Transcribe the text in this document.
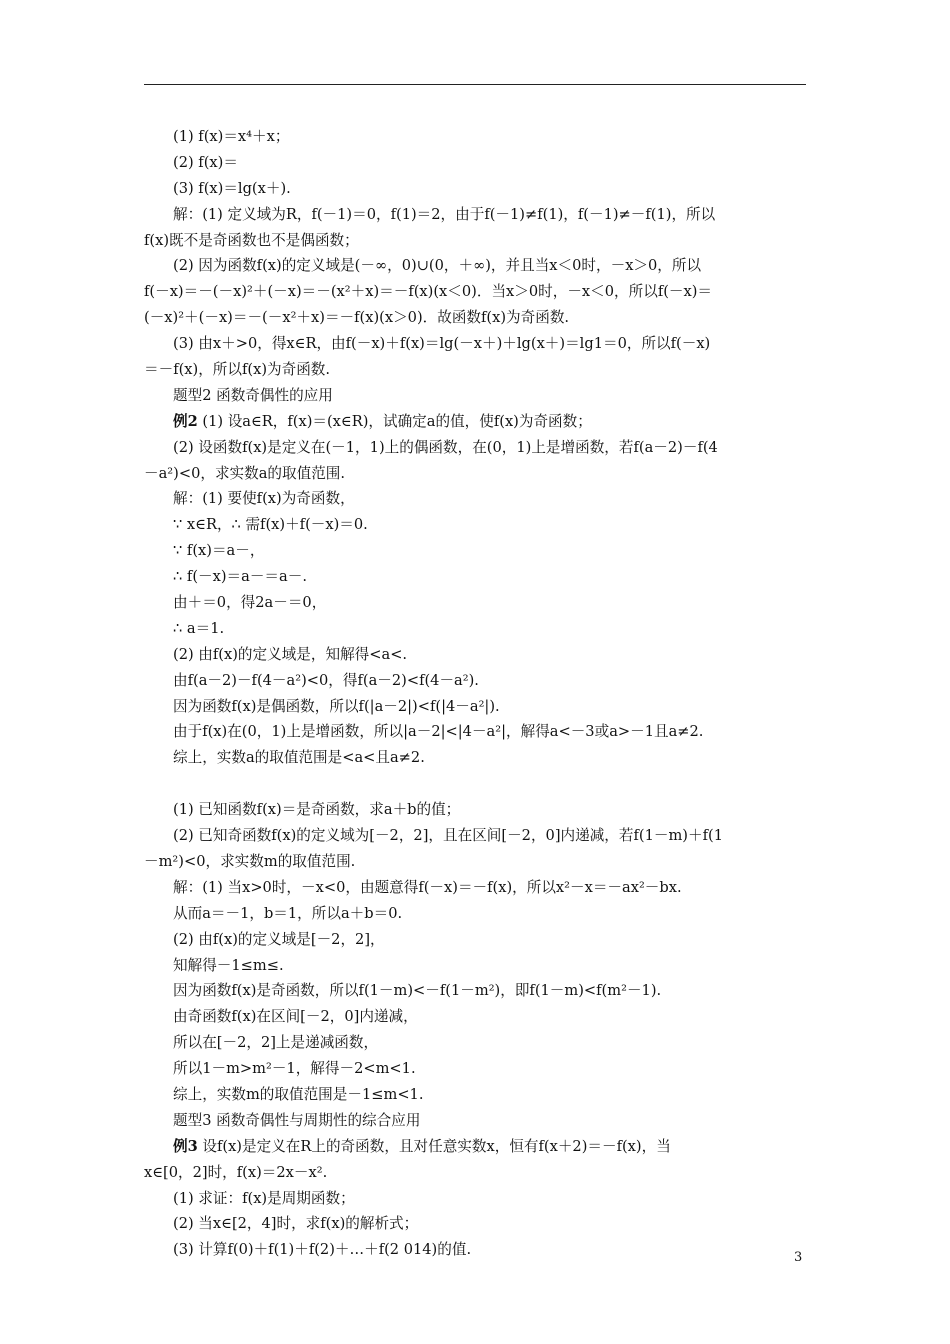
(1) f(x)＝x⁴＋x；
(2) f(x)＝
(3) f(x)＝lg(x＋).
解：(1) 定义域为R，f(－1)＝0，f(1)＝2，由于f(－1)≠f(1)，f(－1)≠－f(1)，所以
f(x)既不是奇函数也不是偶函数；
(2) 因为函数f(x)的定义域是(－∞，0)∪(0，＋∞)，并且当x＜0时，－x＞0，所以
f(－x)＝－(－x)²＋(－x)＝－(x²＋x)＝－f(x)(x＜0)．当x＞0时，－x＜0，所以f(－x)＝
(－x)²＋(－x)＝－(－x²＋x)＝－f(x)(x＞0)．故函数f(x)为奇函数.
(3) 由x＋>0，得x∈R，由f(－x)＋f(x)＝lg(－x＋)＋lg(x＋)＝lg1＝0，所以f(－x)
＝－f(x)，所以f(x)为奇函数.
题型2 函数奇偶性的应用
例2 (1) 设a∈R，f(x)＝(x∈R)，试确定a的值，使f(x)为奇函数；
(2) 设函数f(x)是定义在(－1，1)上的偶函数，在(0，1)上是增函数，若f(a－2)－f(4
－a²)<0，求实数a的取值范围.
解：(1) 要使f(x)为奇函数，
∵ x∈R，∴ 需f(x)＋f(－x)＝0.
∵ f(x)＝a－，
∴ f(－x)＝a－＝a－.
由＋＝0，得2a－＝0，
∴ a＝1.
(2) 由f(x)的定义域是，知解得<a<.
由f(a－2)－f(4－a²)<0，得f(a－2)<f(4－a²).
因为函数f(x)是偶函数，所以f(|a－2|)<f(|4－a²|).
由于f(x)在(0，1)上是增函数，所以|a－2|<|4－a²|，解得a<－3或a>－1且a≠2.
综上，实数a的取值范围是<a<且a≠2.
(1) 已知函数f(x)＝是奇函数，求a＋b的值；
(2) 已知奇函数f(x)的定义域为[－2，2]，且在区间[－2，0]内递减，若f(1－m)＋f(1
－m²)<0，求实数m的取值范围.
解：(1) 当x>0时，－x<0，由题意得f(－x)＝－f(x)，所以x²－x＝－ax²－bx.
从而a＝－1，b＝1，所以a＋b＝0.
(2) 由f(x)的定义域是[－2，2]，
知解得－1≤m≤.
因为函数f(x)是奇函数，所以f(1－m)<－f(1－m²)，即f(1－m)<f(m²－1).
由奇函数f(x)在区间[－2，0]内递减，
所以在[－2，2]上是递减函数，
所以1－m>m²－1，解得－2<m<1.
综上，实数m的取值范围是－1≤m<1.
题型3 函数奇偶性与周期性的综合应用
例3 设f(x)是定义在R上的奇函数，且对任意实数x，恒有f(x＋2)＝－f(x)，当
x∈[0，2]时，f(x)＝2x－x².
(1) 求证：f(x)是周期函数；
(2) 当x∈[2，4]时，求f(x)的解析式；
(3) 计算f(0)＋f(1)＋f(2)＋…＋f(2 014)的值.	3
